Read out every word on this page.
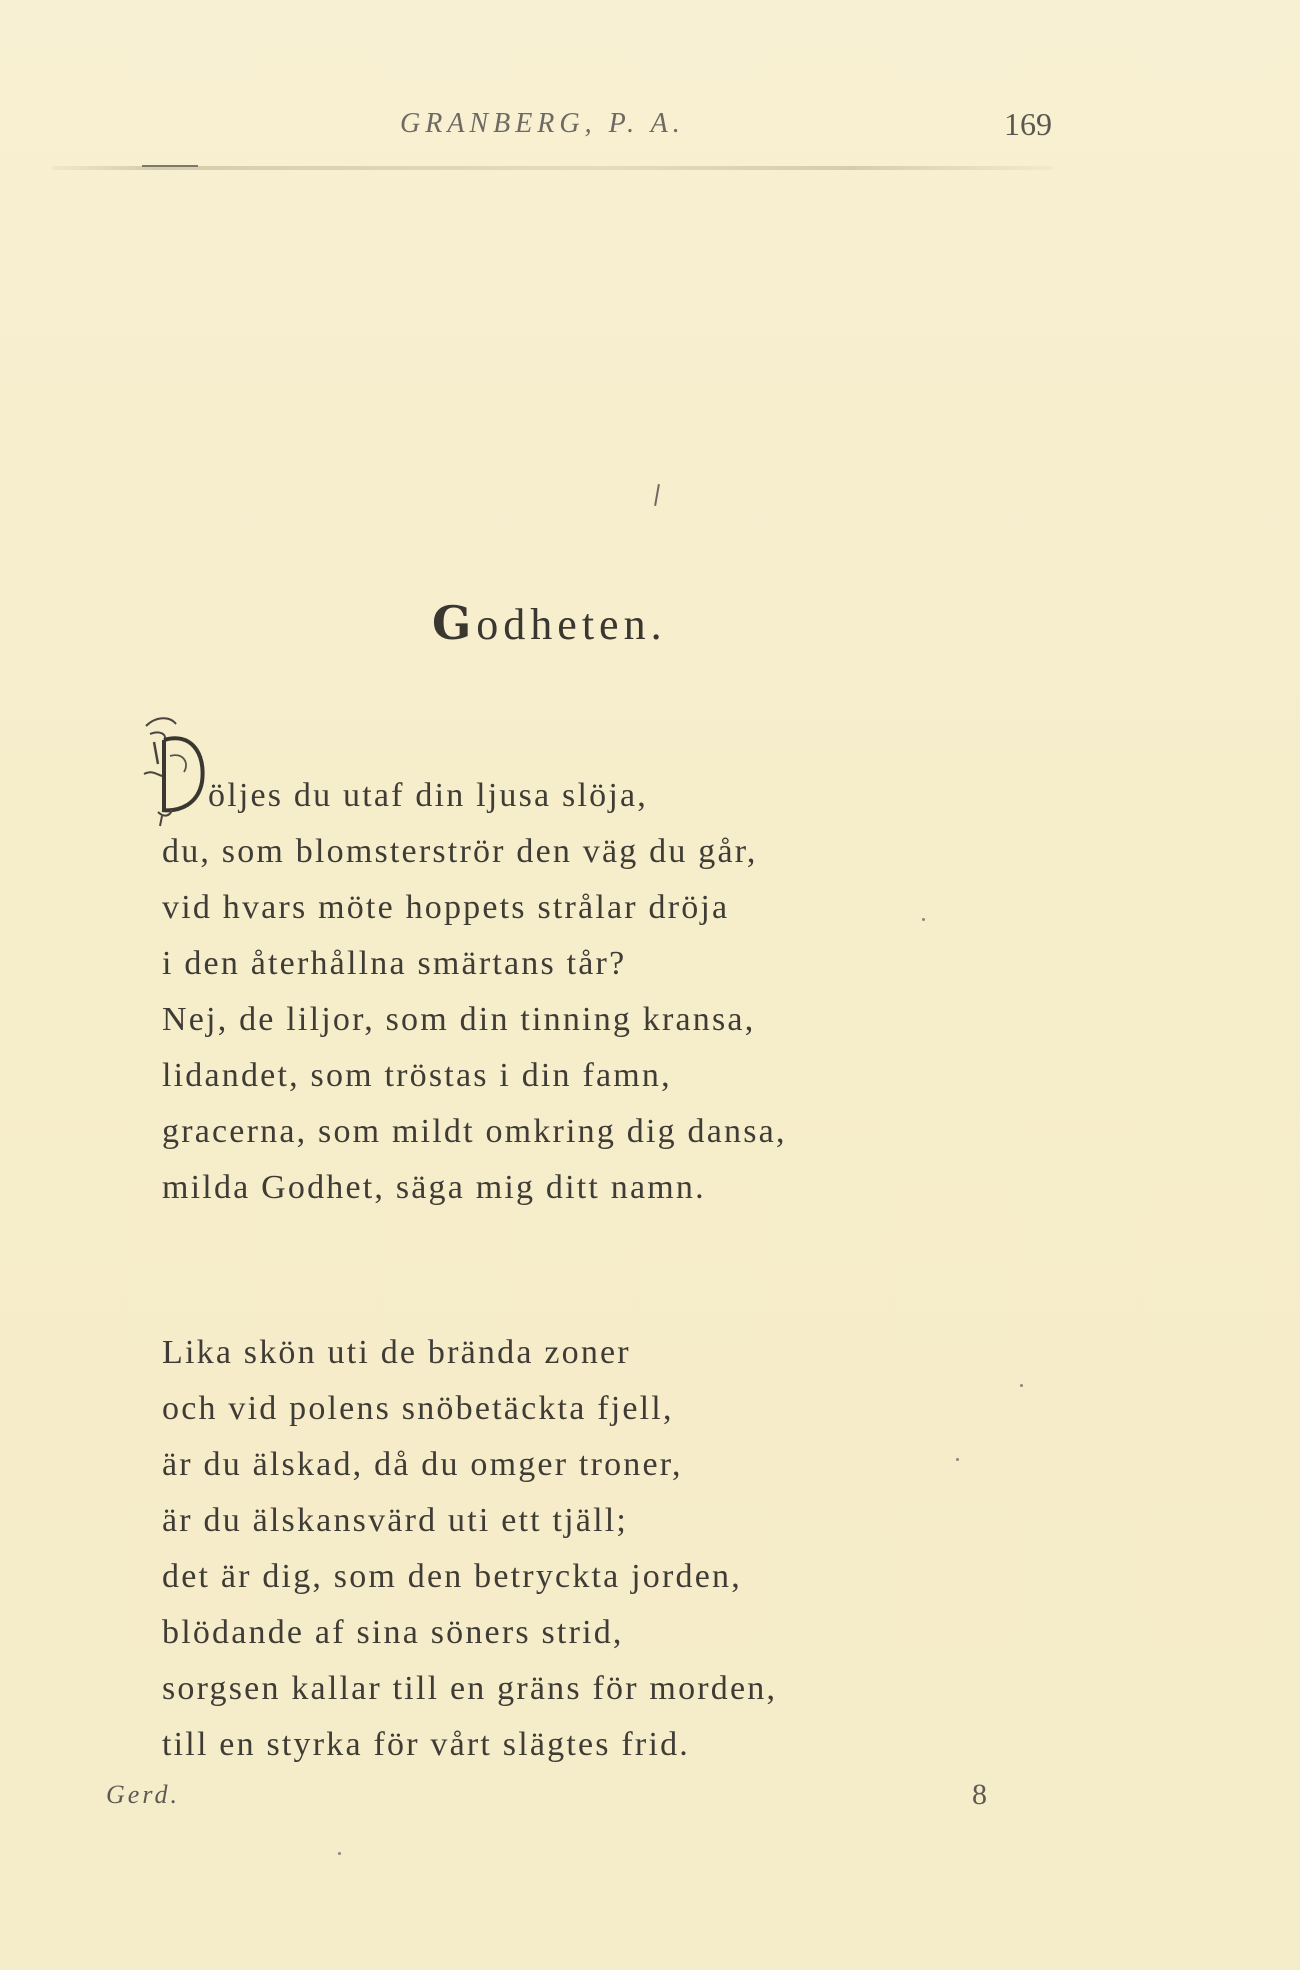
GRANBERG, P. A.	169
Godheten.
öljes du utaf din ljusa slöja,
du, som blomsterströr den väg du går,
vid hvars möte hoppets strålar dröja
i den återhållna smärtans tår?
Nej, de liljor, som din tinning kransa,
lidandet, som tröstas i din famn,
gracerna, som mildt omkring dig dansa,
milda Godhet, säga mig ditt namn.
Lika skön uti de brända zoner
och vid polens snöbetäckta fjell,
är du älskad, då du omger troner,
är du älskansvärd uti ett tjäll;
det är dig, som den betryckta jorden,
blödande af sina söners strid,
sorgsen kallar till en gräns för morden,
till en styrka för vårt slägtes frid.
Gerd.	8
